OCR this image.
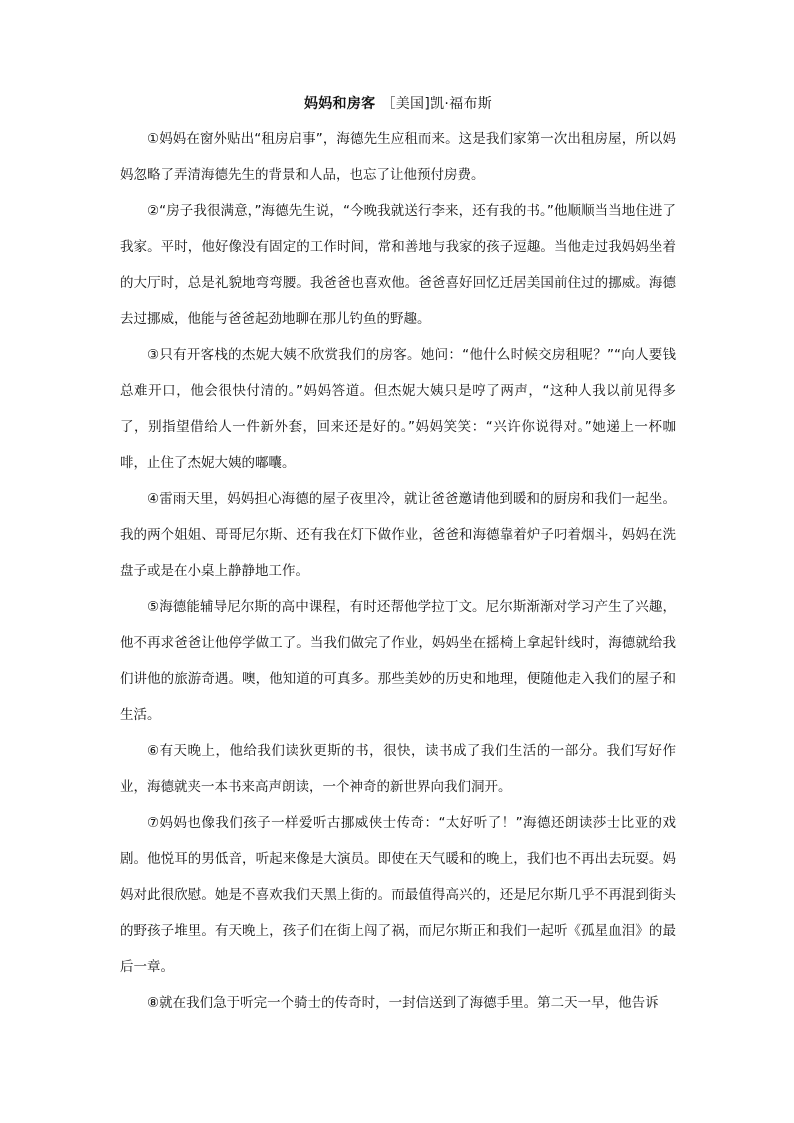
妈妈和房客 ［美国]凯·福布斯

①妈妈在窗外贴出“租房启事”，海德先生应租而来。这是我们家第一次出租房屋，所以妈妈忽略了弄清海德先生的背景和人品，也忘了让他预付房费。

②“房子我很满意，”海德先生说，“今晚我就送行李来，还有我的书。”他顺顺当当地住进了我家。平时，他好像没有固定的工作时间，常和善地与我家的孩子逗趣。当他走过我妈妈坐着的大厅时，总是礼貌地弯弯腰。我爸爸也喜欢他。爸爸喜好回忆迁居美国前住过的挪威。海德去过挪威，他能与爸爸起劲地聊在那儿钓鱼的野趣。

③只有开客栈的杰妮大姨不欣赏我们的房客。她问：“他什么时候交房租呢？”“向人要钱总难开口，他会很快付清的。”妈妈答道。但杰妮大姨只是哼了两声，“这种人我以前见得多了，别指望借给人一件新外套，回来还是好的。”妈妈笑笑：“兴许你说得对。”她递上一杯咖啡，止住了杰妮大姨的嘟囔。

④雷雨天里，妈妈担心海德的屋子夜里冷，就让爸爸邀请他到暖和的厨房和我们一起坐。我的两个姐姐、哥哥尼尔斯、还有我在灯下做作业，爸爸和海德靠着炉子叼着烟斗，妈妈在洗盘子或是在小桌上静静地工作。

⑤海德能辅导尼尔斯的高中课程，有时还帮他学拉丁文。尼尔斯渐渐对学习产生了兴趣，他不再求爸爸让他停学做工了。当我们做完了作业，妈妈坐在摇椅上拿起针线时，海德就给我们讲他的旅游奇遇。噢，他知道的可真多。那些美妙的历史和地理，便随他走入我们的屋子和生活。

⑥有天晚上，他给我们读狄更斯的书，很快，读书成了我们生活的一部分。我们写好作业，海德就夹一本书来高声朗读，一个神奇的新世界向我们洞开。

⑦妈妈也像我们孩子一样爱听古挪威侠士传奇：“太好听了！”海德还朗读莎士比亚的戏剧。他悦耳的男低音，听起来像是大演员。即使在天气暖和的晚上，我们也不再出去玩耍。妈妈对此很欣慰。她是不喜欢我们天黑上街的。而最值得高兴的，还是尼尔斯几乎不再混到街头的野孩子堆里。有天晚上，孩子们在街上闯了祸，而尼尔斯正和我们一起听《孤星血泪》的最后一章。

⑧就在我们急于听完一个骑士的传奇时，一封信送到了海德手里。第二天一早，他告诉
